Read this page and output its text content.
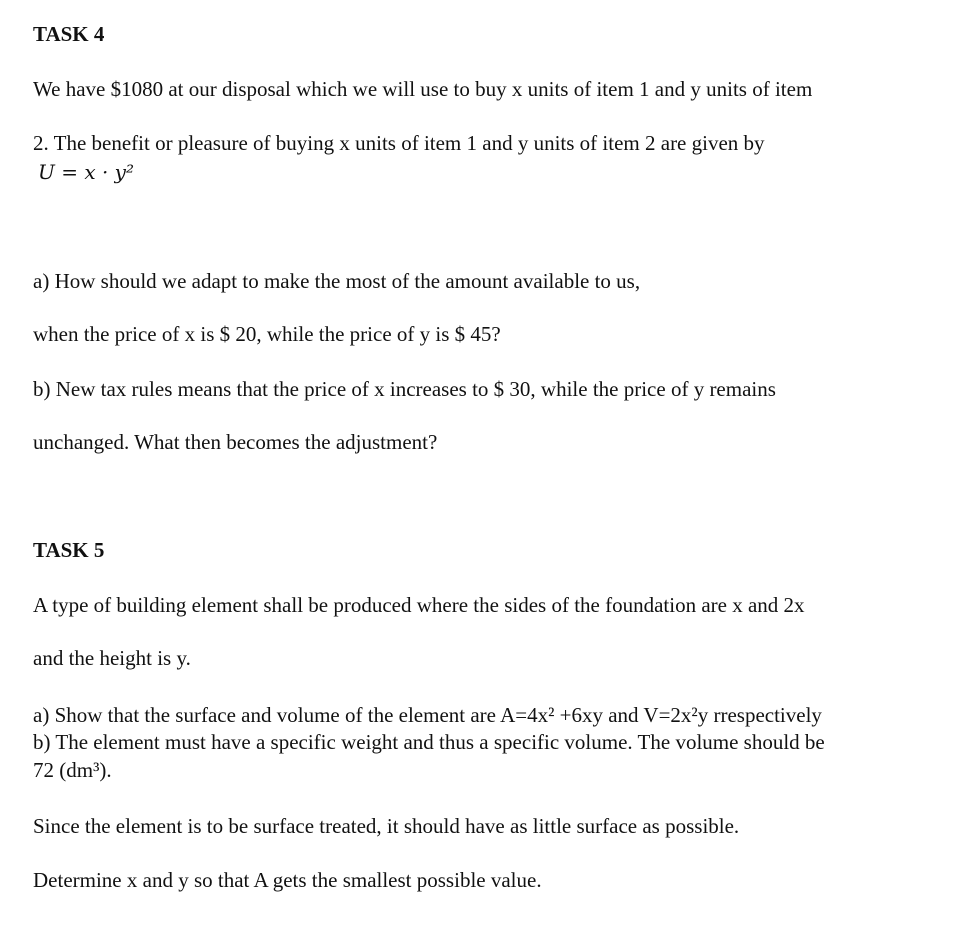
TASK 4
We have $1080 at our disposal which we will use to buy x units of item 1 and y units of item
2. The benefit or pleasure of buying x units of item 1 and y units of item 2 are given by
U = x · y²
a) How should we adapt to make the most of the amount available to us,
when the price of x is $ 20, while the price of y is $ 45?
b) New tax rules means that the price of x increases to $ 30, while the price of y remains
unchanged. What then becomes the adjustment?
TASK 5
A type of building element shall be produced where the sides of the foundation are x and 2x
and the height is y.
a) Show that the surface and volume of the element are A=4x² +6xy and V=2x²y rrespectively
b) The element must have a specific weight and thus a specific volume. The volume should be
72 (dm³).
Since the element is to be surface treated, it should have as little surface as possible.
Determine x and y so that A gets the smallest possible value.
